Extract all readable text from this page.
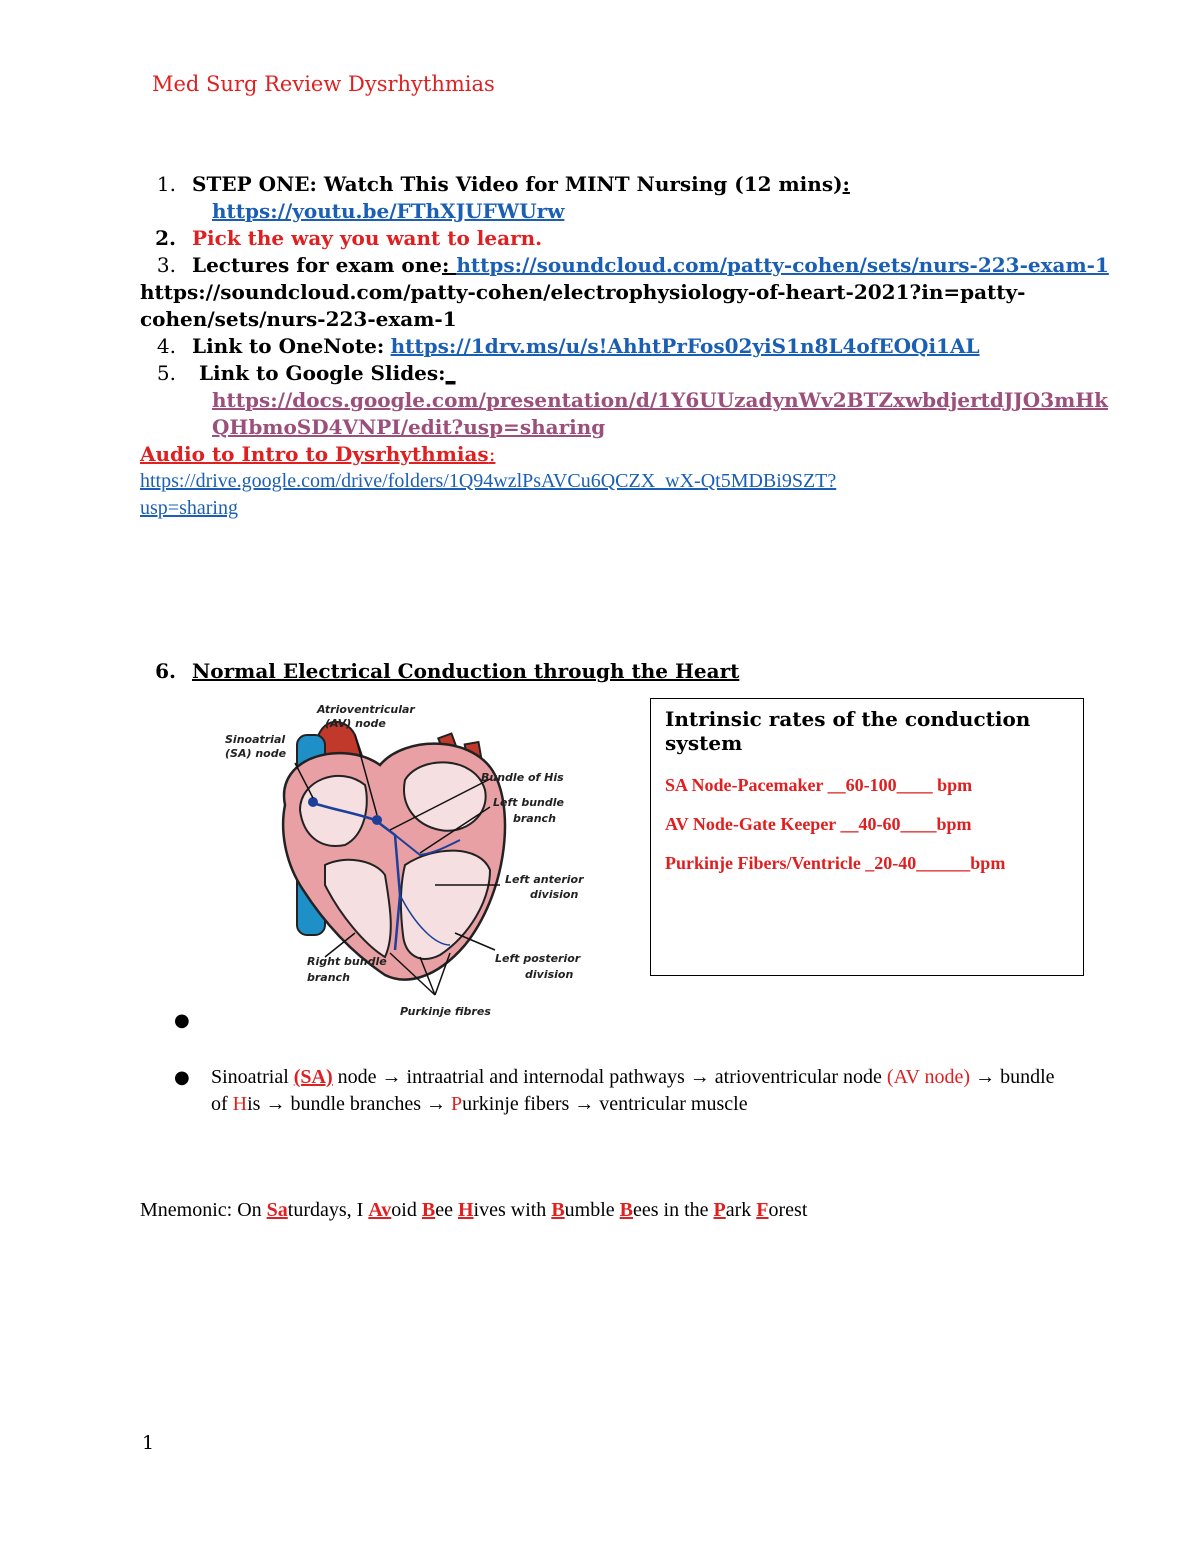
Med Surg Review Dysrhythmias
1. STEP ONE: Watch This Video for MINT Nursing (12 mins):
https://youtu.be/FThXJUFWUrw
2. Pick the way you want to learn.
3. Lectures for exam one: https://soundcloud.com/patty-cohen/sets/nurs-223-exam-1
https://soundcloud.com/patty-cohen/electrophysiology-of-heart-2021?in=patty-
cohen/sets/nurs-223-exam-1
4. Link to OneNote: https://1drv.ms/u/s!AhhtPrFos02yiS1n8L4ofEOQi1AL
5. Link to Google Slides:_
https://docs.google.com/presentation/d/1Y6UUzadynWv2BTZxwbdjertdJJO3mHk
QHbmoSD4VNPI/edit?usp=sharing
Audio to Intro to Dysrhythmias:
https://drive.google.com/drive/folders/1Q94wzlPsAVCu6QCZX_wX-Qt5MDBi9SZT?
usp=sharing
6. Normal Electrical Conduction through the Heart
Atrioventricular
(AV) node
Sinoatrial
(SA) node
Bundle of His
Left bundle
branch
Left anterior
division
Right bundle
branch
Left posterior
division
Purkinje fibres

Intrinsic rates of the conduction system

SA Node-Pacemaker __60-100____ bpm

AV Node-Gate Keeper __40-60____bpm

Purkinje Fibers/Ventricle _20-40______bpm

●
● Sinoatrial (SA) node → intraatrial and internodal pathways → atrioventricular node (AV node) → bundle of His → bundle branches → Purkinje fibers → ventricular muscle
Mnemonic: On Saturdays, I Avoid Bee Hives with Bumble Bees in the Park Forest
1
